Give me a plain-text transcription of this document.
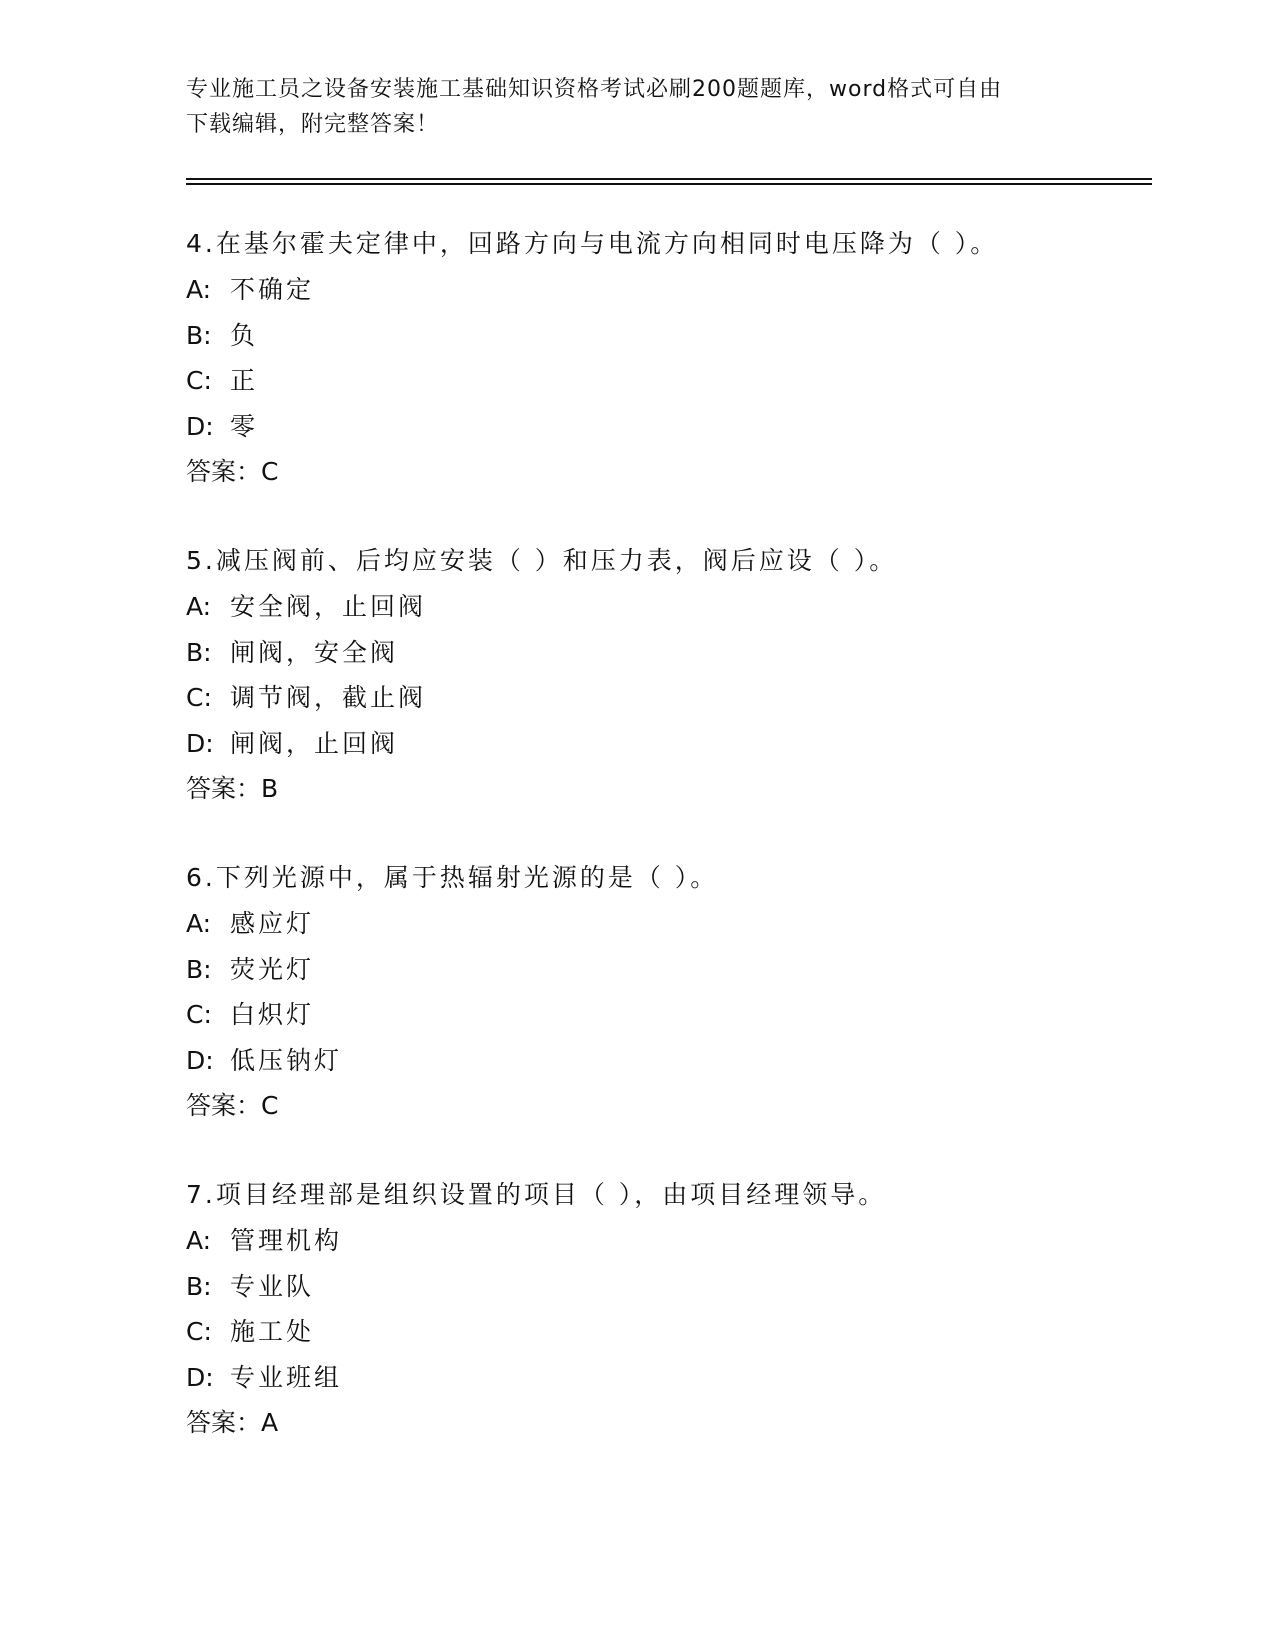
专业施工员之设备安装施工基础知识资格考试必刷200题题库，word格式可自由
下载编辑，附完整答案！
4.在基尔霍夫定律中，回路方向与电流方向相同时电压降为（ ）。
A: 不确定
B: 负
C: 正
D: 零
答案：C
5.减压阀前、后均应安装（ ）和压力表，阀后应设（ ）。
A: 安全阀，止回阀
B: 闸阀，安全阀
C: 调节阀，截止阀
D: 闸阀，止回阀
答案：B
6.下列光源中，属于热辐射光源的是（ ）。
A: 感应灯
B: 荧光灯
C: 白炽灯
D: 低压钠灯
答案：C
7.项目经理部是组织设置的项目（ ），由项目经理领导。
A: 管理机构
B: 专业队
C: 施工处
D: 专业班组
答案：A
